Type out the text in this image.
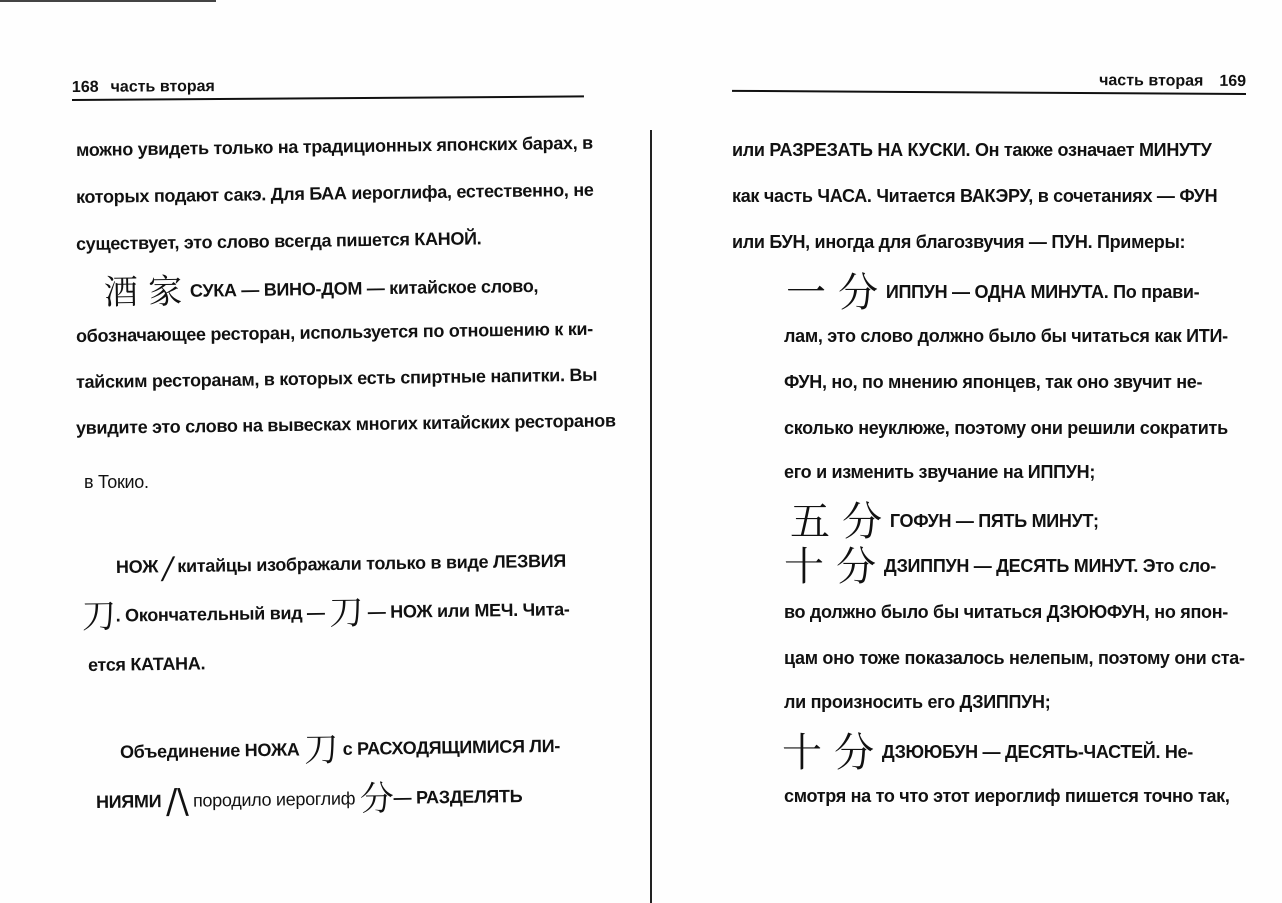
168 часть вторая
можно увидеть только на традиционных японских барах, в
которых подают сакэ. Для БАА иероглифа, естественно, не
существует, это слово всегда пишется КАНОЙ.
酒 家 СУКА — ВИНО-ДОМ — китайское слово,
обозначающее ресторан, используется по отношению к ки-
тайским ресторанам, в которых есть спиртные напитки. Вы
увидите это слово на вывесках многих китайских ресторанов
в Токио.
НОЖ ∕ китайцы изображали только в виде ЛЕЗВИЯ
刀. Окончательный вид — 刀 — НОЖ или МЕЧ. Чита-
ется КАТАНА.
Объединение НОЖА 刀 с РАСХОДЯЩИМИСЯ ЛИ-
НИЯМИ /\ породило иероглиф 分— РАЗДЕЛЯТЬ
часть вторая 169
или РАЗРЕЗАТЬ НА КУСКИ. Он также означает МИНУТУ
как часть ЧАСА. Читается ВАКЭРУ, в сочетаниях — ФУН
или БУН, иногда для благозвучия — ПУН. Примеры:
一 分 ИППУН — ОДНА МИНУТА. По прави-
лам, это слово должно было бы читаться как ИТИ-
ФУН, но, по мнению японцев, так оно звучит не-
сколько неуклюже, поэтому они решили сократить
его и изменить звучание на ИППУН;
五 分 ГОФУН — ПЯТЬ МИНУТ;
十 分 ДЗИППУН — ДЕСЯТЬ МИНУТ. Это сло-
во должно было бы читаться ДЗЮЮФУН, но япон-
цам оно тоже показалось нелепым, поэтому они ста-
ли произносить его ДЗИППУН;
十 分 ДЗЮЮБУН — ДЕСЯТЬ-ЧАСТЕЙ. Не-
смотря на то что этот иероглиф пишется точно так,
